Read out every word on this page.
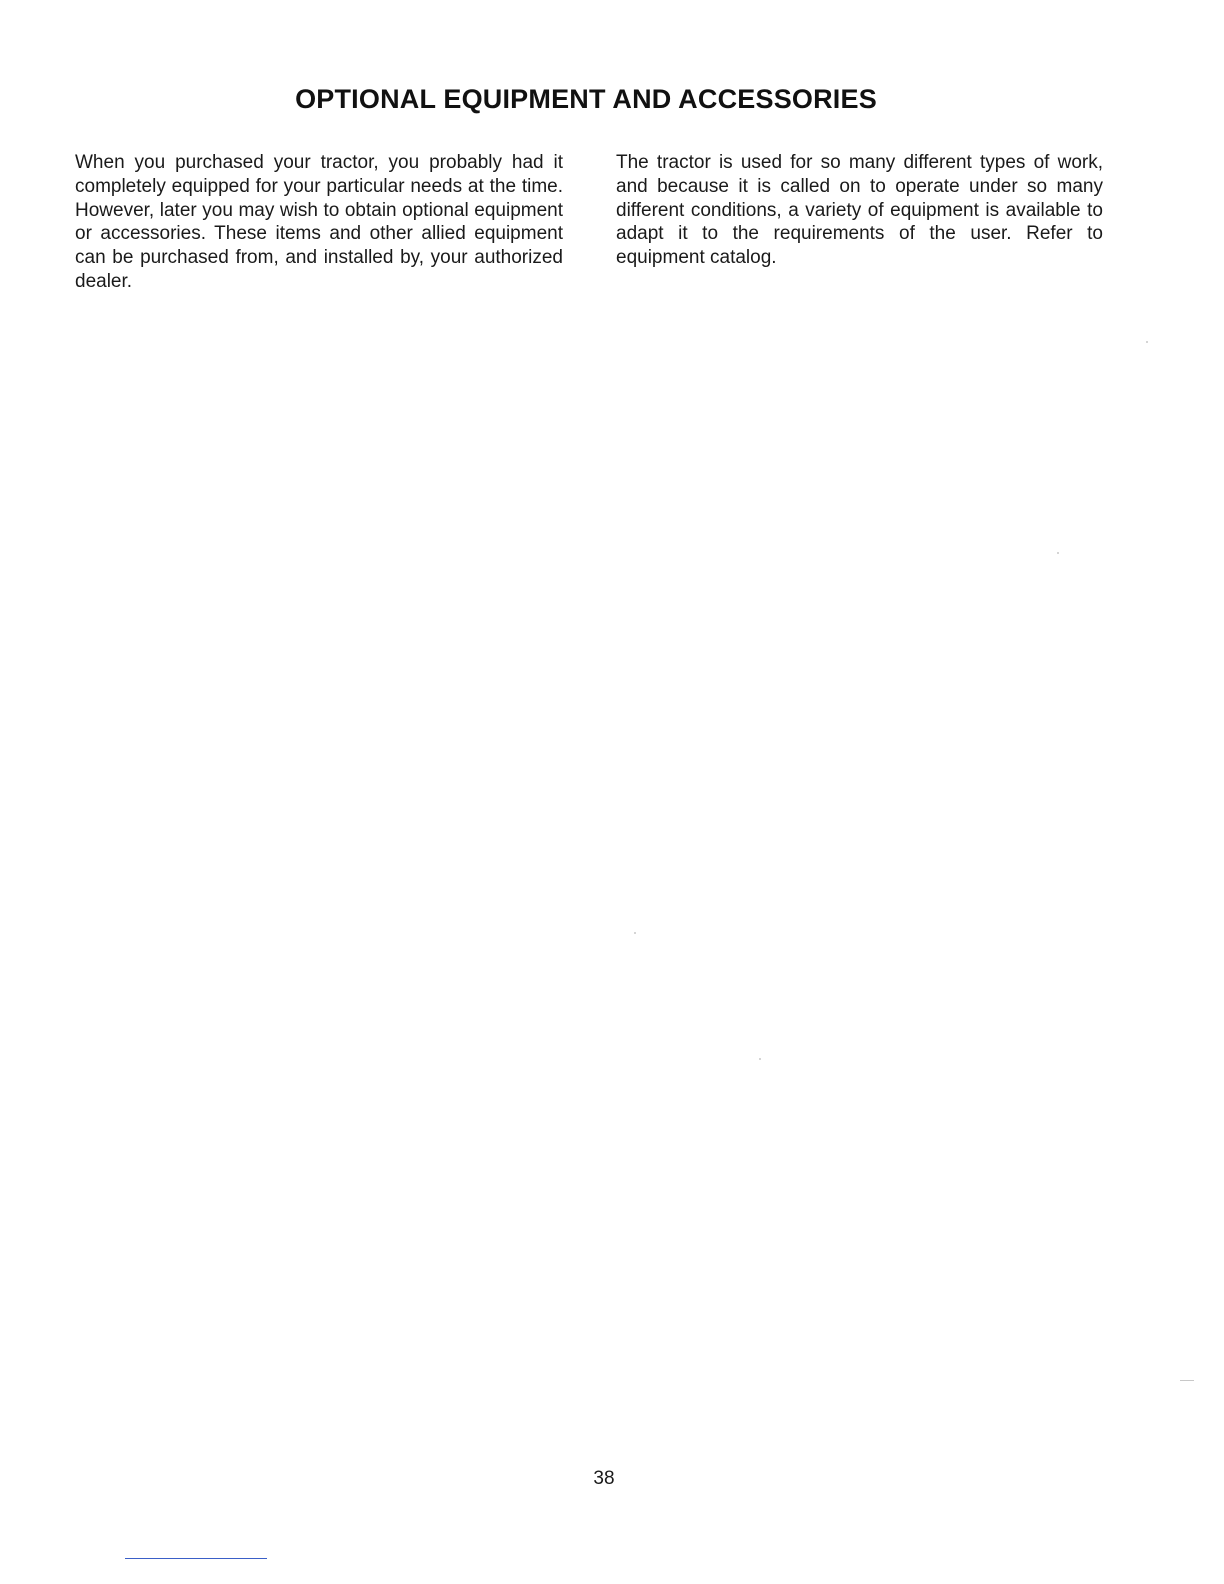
OPTIONAL EQUIPMENT AND ACCESSORIES
When you purchased your tractor, you probably had it completely equipped for your particular needs at the time. However, later you may wish to obtain optional equipment or accessories. These items and other allied equipment can be purchased from, and installed by, your authorized dealer.
The tractor is used for so many different types of work, and because it is called on to operate under so many different conditions, a variety of equipment is available to adapt it to the requirements of the user. Refer to equipment catalog.
38
